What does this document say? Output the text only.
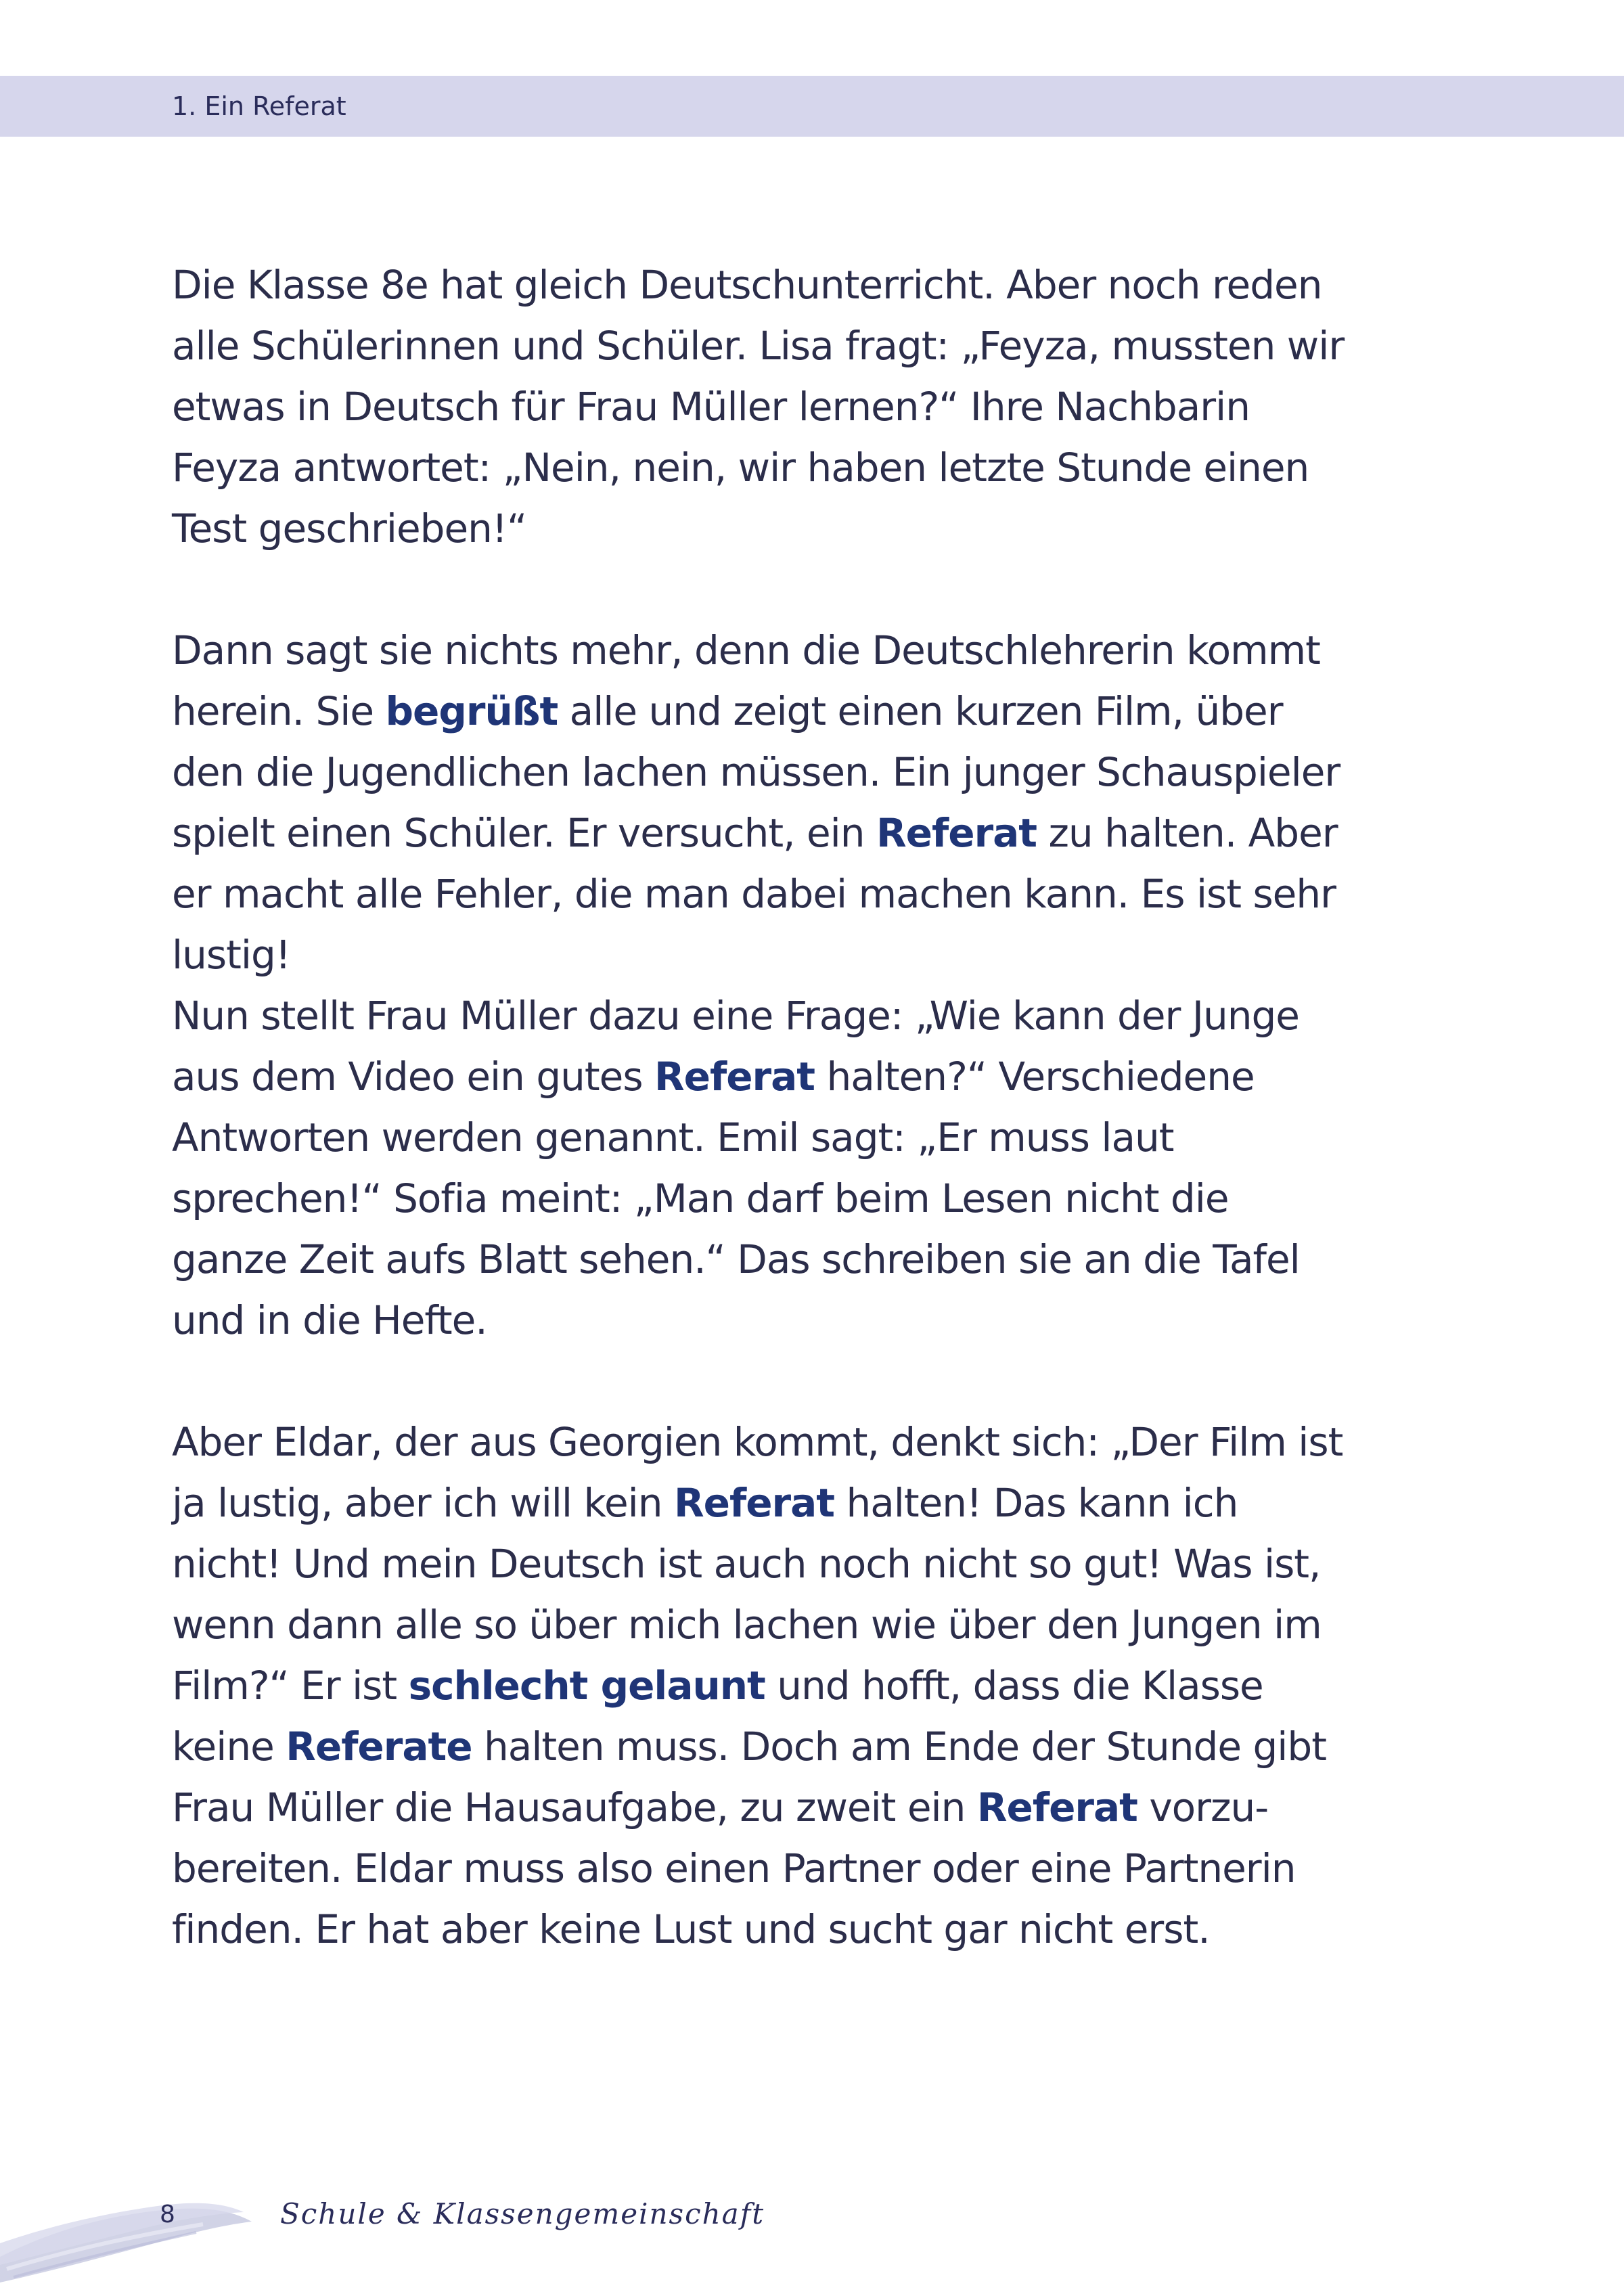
1. Ein Referat

Die Klasse 8e hat gleich Deutschunterricht. Aber noch reden alle Schülerinnen und Schüler. Lisa fragt: „Feyza, mussten wir etwas in Deutsch für Frau Müller lernen?“ Ihre Nachbarin Feyza antwortet: „Nein, nein, wir haben letzte Stunde einen Test geschrieben!“

Dann sagt sie nichts mehr, denn die Deutschlehrerin kommt herein. Sie begrüßt alle und zeigt einen kurzen Film, über den die Jugendlichen lachen müssen. Ein junger Schauspieler spielt einen Schüler. Er versucht, ein Referat zu halten. Aber er macht alle Fehler, die man dabei machen kann. Es ist sehr lustig!

Nun stellt Frau Müller dazu eine Frage: „Wie kann der Junge aus dem Video ein gutes Referat halten?“ Verschiedene Antworten werden genannt. Emil sagt: „Er muss laut sprechen!“ Sofia meint: „Man darf beim Lesen nicht die ganze Zeit aufs Blatt sehen.“ Das schreiben sie an die Tafel und in die Hefte.

Aber Eldar, der aus Georgien kommt, denkt sich: „Der Film ist ja lustig, aber ich will kein Referat halten! Das kann ich nicht! Und mein Deutsch ist auch noch nicht so gut! Was ist, wenn dann alle so über mich lachen wie über den Jungen im Film?“ Er ist schlecht gelaunt und hofft, dass die Klasse keine Referate halten muss. Doch am Ende der Stunde gibt Frau Müller die Hausaufgabe, zu zweit ein Referat vorzu-bereiten. Eldar muss also einen Partner oder eine Partnerin finden. Er hat aber keine Lust und sucht gar nicht erst.

8	Schule & Klassengemeinschaft
